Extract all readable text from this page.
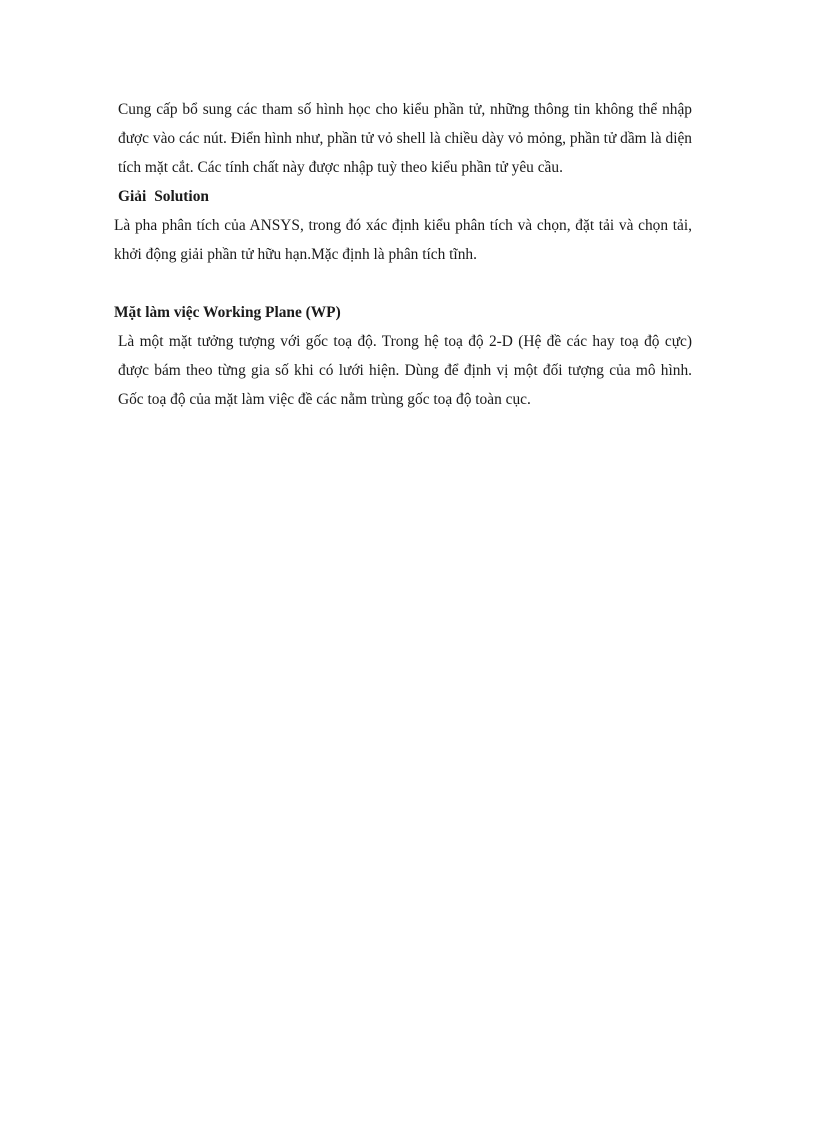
Cung cấp bổ sung các tham số hình học cho kiểu phần tử, những thông tin không thể nhập được vào các nút. Điển hình như, phần tử vỏ shell là chiều dày vỏ mỏng, phần tử dầm là diện tích mặt cắt. Các tính chất này được nhập tuỳ theo kiểu phần tử yêu cầu.

Giải Solution

Là pha phân tích của ANSYS, trong đó xác định kiểu phân tích và chọn, đặt tải và chọn tải, khởi động giải phần tử hữu hạn.Mặc định là phân tích tĩnh.

Mặt làm việc Working Plane (WP)

Là một mặt tưởng tượng với gốc toạ độ. Trong hệ toạ độ 2-D (Hệ đề các hay toạ độ cực) được bám theo từng gia số khi có lưới hiện. Dùng để định vị một đối tượng của mô hình. Gốc toạ độ của mặt làm việc đề các nằm trùng gốc toạ độ toàn cục.
